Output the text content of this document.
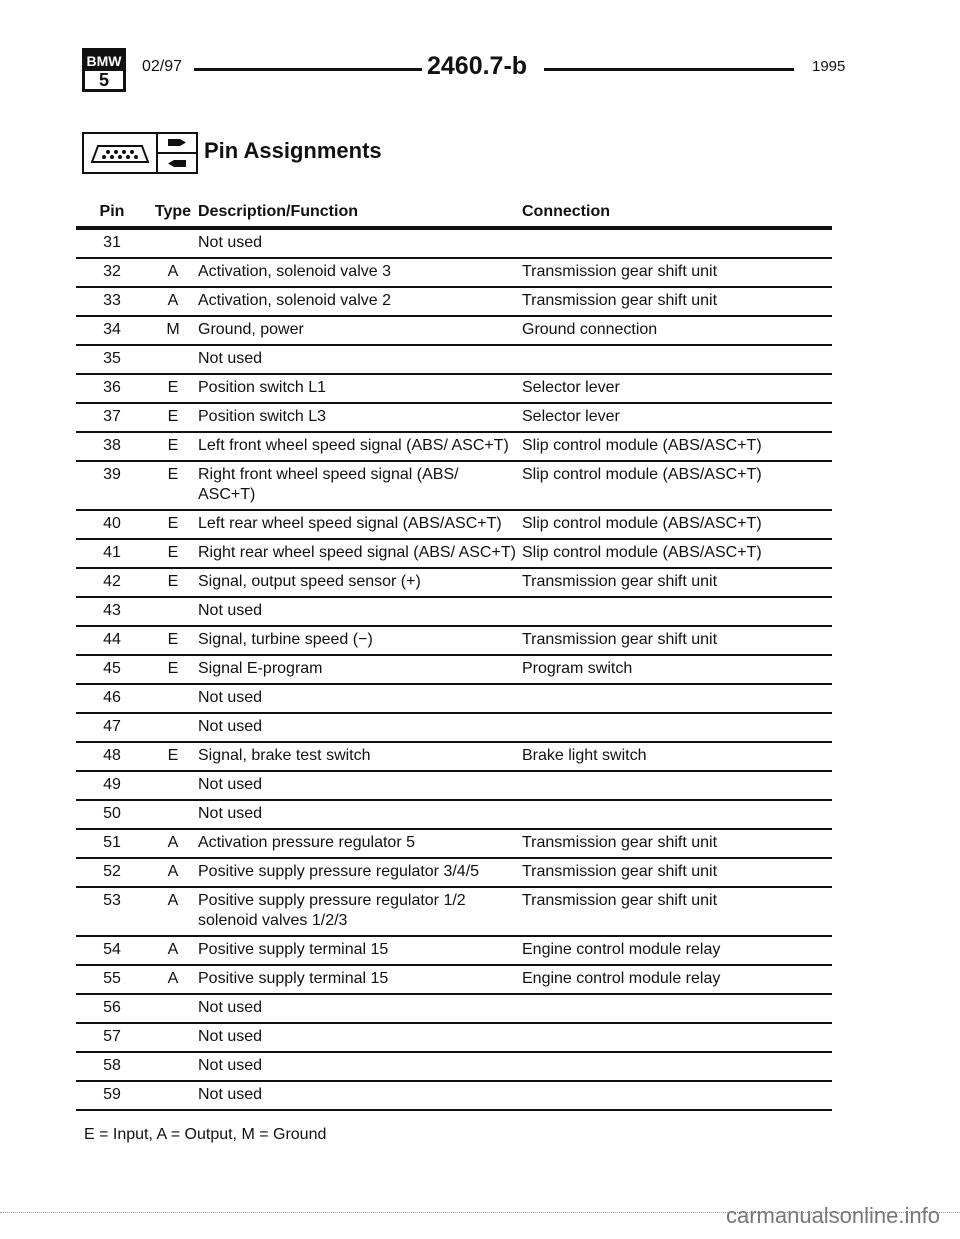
BMW
5
02/97	2460.7-b	1995
Pin Assignments
Pin	Type	Description/Function	Connection
31		Not used	
32	A	Activation, solenoid valve 3	Transmission gear shift unit
33	A	Activation, solenoid valve 2	Transmission gear shift unit
34	M	Ground, power	Ground connection
35		Not used	
36	E	Position switch L1	Selector lever
37	E	Position switch L3	Selector lever
38	E	Left front wheel speed signal (ABS/ ASC+T)	Slip control module (ABS/ASC+T)
39	E	Right front wheel speed signal (ABS/ ASC+T)	Slip control module (ABS/ASC+T)
40	E	Left rear wheel speed signal (ABS/ASC+T)	Slip control module (ABS/ASC+T)
41	E	Right rear wheel speed signal (ABS/ ASC+T)	Slip control module (ABS/ASC+T)
42	E	Signal, output speed sensor (+)	Transmission gear shift unit
43		Not used	
44	E	Signal, turbine speed (−)	Transmission gear shift unit
45	E	Signal E-program	Program switch
46		Not used	
47		Not used	
48	E	Signal, brake test switch	Brake light switch
49		Not used	
50		Not used	
51	A	Activation pressure regulator 5	Transmission gear shift unit
52	A	Positive supply pressure regulator 3/4/5	Transmission gear shift unit
53	A	Positive supply pressure regulator 1/2 solenoid valves 1/2/3	Transmission gear shift unit
54	A	Positive supply terminal 15	Engine control module relay
55	A	Positive supply terminal 15	Engine control module relay
56		Not used	
57		Not used	
58		Not used	
59		Not used	
E = Input, A = Output, M = Ground
carmanualsonline.info
